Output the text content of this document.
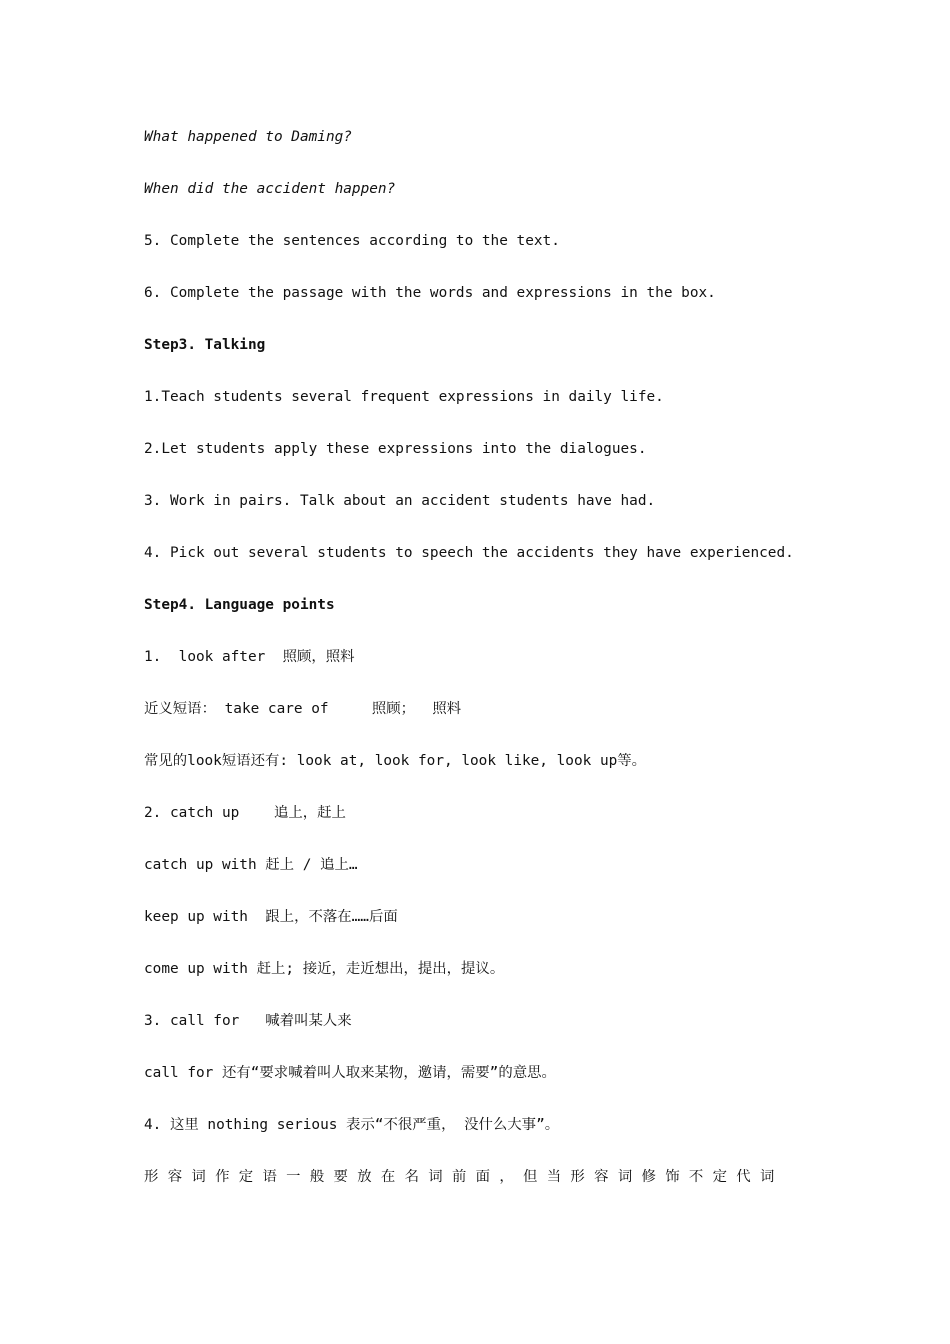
What happened to Daming?
When did the accident happen?
5. Complete the sentences according to the text.
6. Complete the passage with the words and expressions in the box.
Step3. Talking
1.Teach students several frequent expressions in daily life.
2.Let students apply these expressions into the dialogues.
3. Work in pairs. Talk about an accident students have had.
4. Pick out several students to speech the accidents they have experienced.
Step4. Language points
1.  look after  照顾，照料
近义短语： take care of     照顾；  照料
常见的look短语还有: look at, look for, look like, look up等。
2. catch up    追上，赶上
catch up with 赶上 / 追上…
keep up with  跟上，不落在……后面
come up with 赶上; 接近，走近想出，提出，提议。
3. call for   喊着叫某人来
call for 还有“要求喊着叫人取来某物，邀请，需要”的意思。
4. 这里 nothing serious 表示“不很严重， 没什么大事”。
形容词作定语一般要放在名词前面，但当形容词修饰不定代词
